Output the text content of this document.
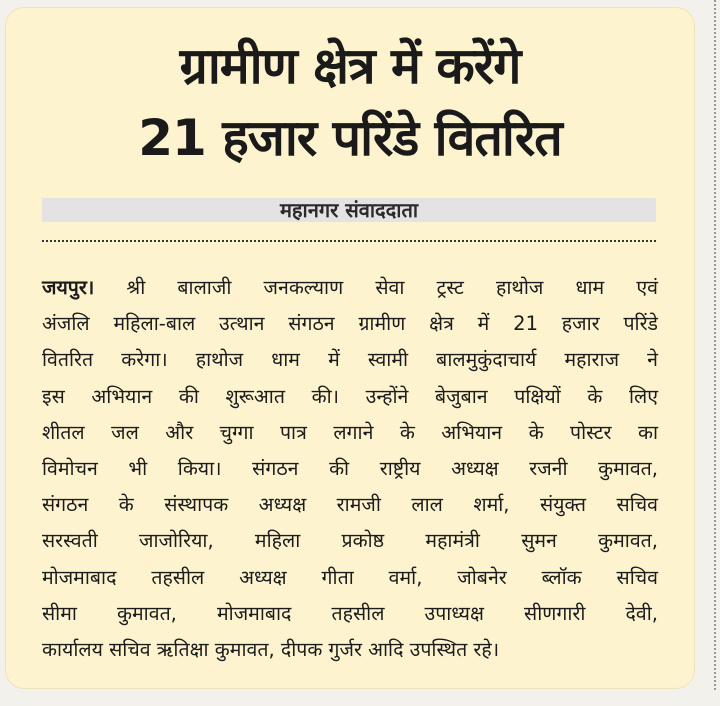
ग्रामीण क्षेत्र में करेंगे
21 हजार परिंडे वितरित
महानगर संवाददाता
जयपुर। श्री बालाजी जनकल्याण सेवा ट्रस्ट हाथोज धाम एवं
अंजलि महिला-बाल उत्थान संगठन ग्रामीण क्षेत्र में 21 हजार परिंडे
वितरित करेगा। हाथोज धाम में स्वामी बालमुकुंदाचार्य महाराज ने
इस अभियान की शुरूआत की। उन्होंने बेजुबान पक्षियों के लिए
शीतल जल और चुग्गा पात्र लगाने के अभियान के पोस्टर का
विमोचन भी किया। संगठन की राष्ट्रीय अध्यक्ष रजनी कुमावत,
संगठन के संस्थापक अध्यक्ष रामजी लाल शर्मा, संयुक्त सचिव
सरस्वती जाजोरिया, महिला प्रकोष्ठ महामंत्री सुमन कुमावत,
मोजमाबाद तहसील अध्यक्ष गीता वर्मा, जोबनेर ब्लॉक सचिव
सीमा कुमावत, मोजमाबाद तहसील उपाध्यक्ष सीणगारी देवी,
कार्यालय सचिव ऋतिक्षा कुमावत, दीपक गुर्जर आदि उपस्थित रहे।
